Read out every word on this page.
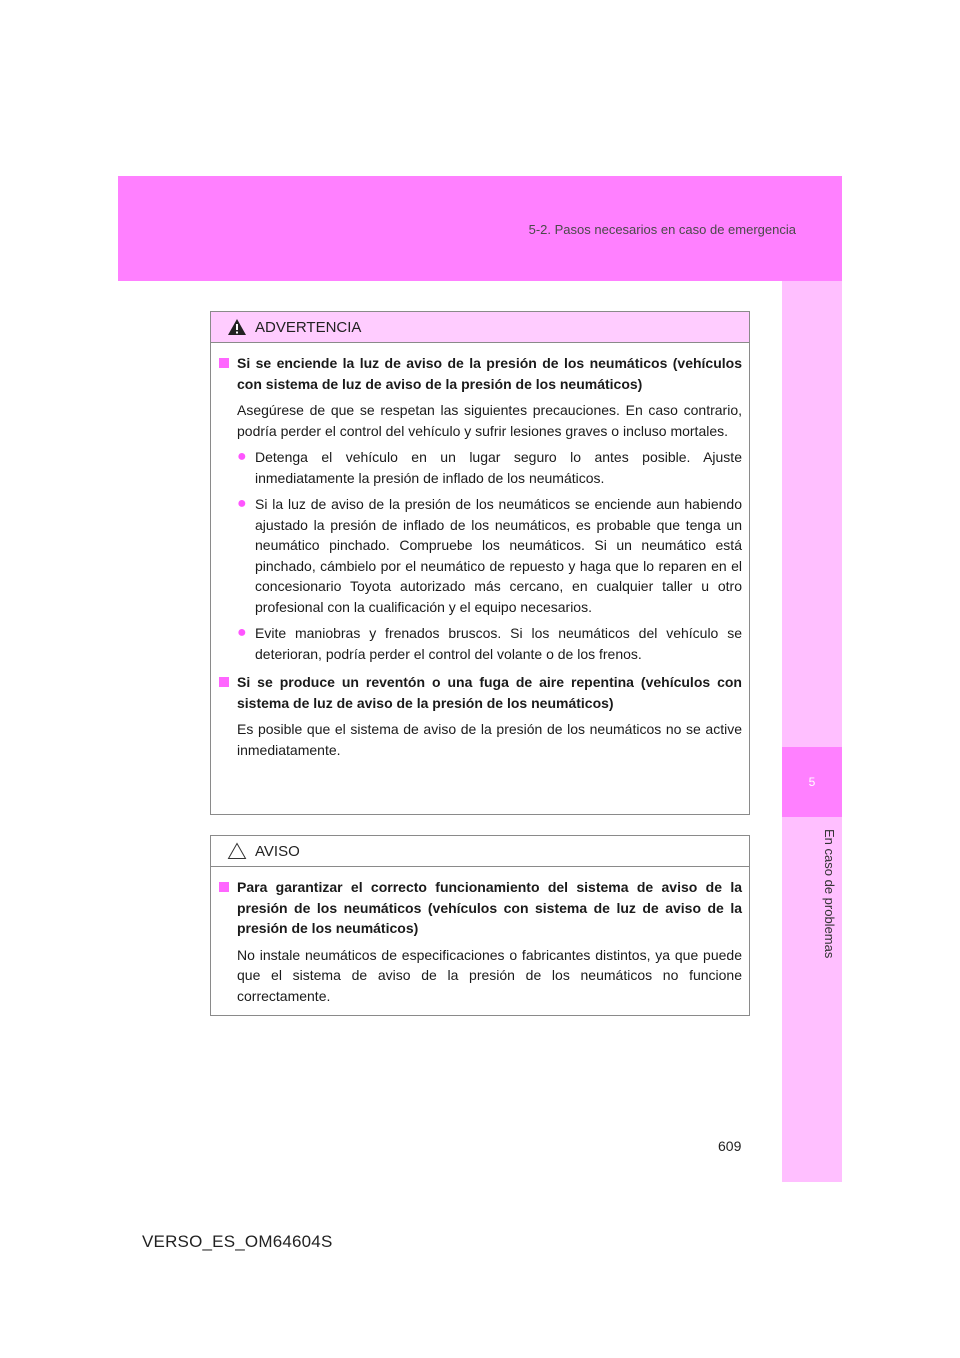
5-2. Pasos necesarios en caso de emergencia
5
En caso de problemas
ADVERTENCIA
Si se enciende la luz de aviso de la presión de los neumáticos (vehículos con sistema de luz de aviso de la presión de los neumáticos)
Asegúrese de que se respetan las siguientes precauciones. En caso contrario, podría perder el control del vehículo y sufrir lesiones graves o incluso mortales.
● Detenga el vehículo en un lugar seguro lo antes posible. Ajuste inmediatamente la presión de inflado de los neumáticos.
● Si la luz de aviso de la presión de los neumáticos se enciende aun habiendo ajustado la presión de inflado de los neumáticos, es probable que tenga un neumático pinchado. Compruebe los neumáticos. Si un neumático está pinchado, cámbielo por el neumático de repuesto y haga que lo reparen en el concesionario Toyota autorizado más cercano, en cualquier taller u otro profesional con la cualificación y el equipo necesarios.
● Evite maniobras y frenados bruscos. Si los neumáticos del vehículo se deterioran, podría perder el control del volante o de los frenos.
Si se produce un reventón o una fuga de aire repentina (vehículos con sistema de luz de aviso de la presión de los neumáticos)
Es posible que el sistema de aviso de la presión de los neumáticos no se active inmediatamente.
AVISO
Para garantizar el correcto funcionamiento del sistema de aviso de la presión de los neumáticos (vehículos con sistema de luz de aviso de la presión de los neumáticos)
No instale neumáticos de especificaciones o fabricantes distintos, ya que puede que el sistema de aviso de la presión de los neumáticos no funcione correctamente.
609
VERSO_ES_OM64604S
